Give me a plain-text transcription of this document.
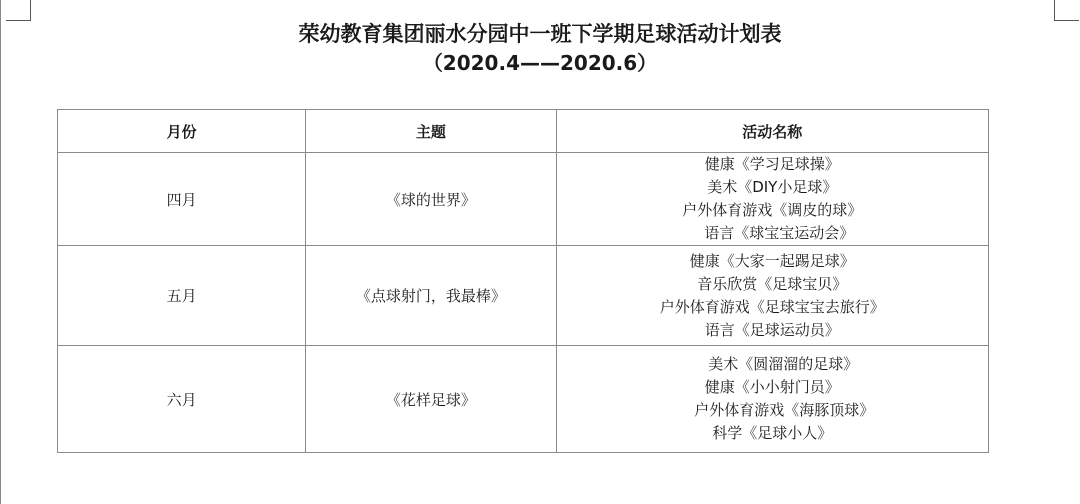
荣幼教育集团丽水分园中一班下学期足球活动计划表
（2020.4——2020.6）
月份	主题	活动名称
四月	《球的世界》	健康《学习足球操》
美术《DIY小足球》
户外体育游戏《调皮的球》
语言《球宝宝运动会》

五月	《点球射门，我最棒》	健康《大家一起踢足球》
音乐欣赏《足球宝贝》
户外体育游戏《足球宝宝去旅行》
语言《足球运动员》

六月	《花样足球》	美术《圆溜溜的足球》
健康《小小射门员》
户外体育游戏《海豚顶球》
科学《足球小人》
